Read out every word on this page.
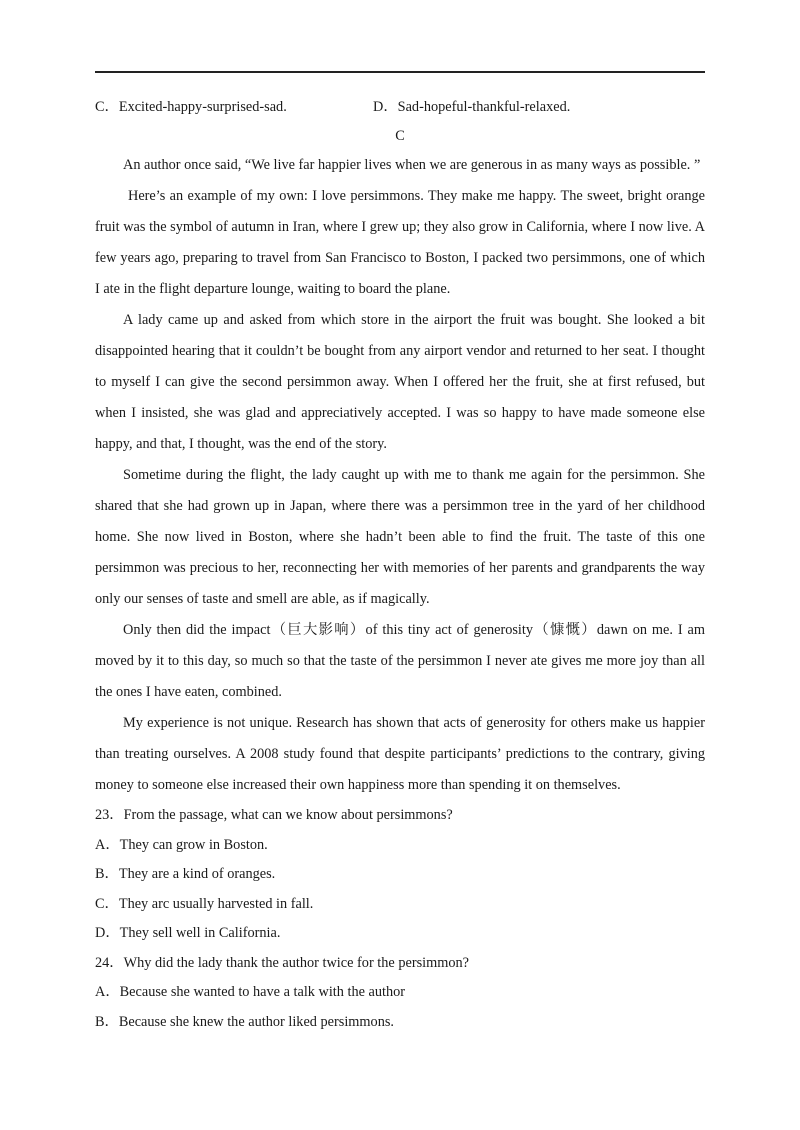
C．Excited-happy-surprised-sad.	D．Sad-hopeful-thankful-relaxed.
C

An author once said, “We live far happier lives when we are generous in as many ways as possible. ”

Here’s an example of my own: I love persimmons. They make me happy. The sweet, bright orange fruit was the symbol of autumn in Iran, where I grew up; they also grow in California, where I now live. A few years ago, preparing to travel from San Francisco to Boston, I packed two persimmons, one of which I ate in the flight departure lounge, waiting to board the plane.

A lady came up and asked from which store in the airport the fruit was bought. She looked a bit disappointed hearing that it couldn’t be bought from any airport vendor and returned to her seat. I thought to myself I can give the second persimmon away. When I offered her the fruit, she at first refused, but when I insisted, she was glad and appreciatively accepted. I was so happy to have made someone else happy, and that, I thought, was the end of the story.

Sometime during the flight, the lady caught up with me to thank me again for the persimmon. She shared that she had grown up in Japan, where there was a persimmon tree in the yard of her childhood home. She now lived in Boston, where she hadn’t been able to find the fruit. The taste of this one persimmon was precious to her, reconnecting her with memories of her parents and grandparents the way only our senses of taste and smell are able, as if magically.

Only then did the impact（巨大影响）of this tiny act of generosity（慷慨）dawn on me. I am moved by it to this day, so much so that the taste of the persimmon I never ate gives me more joy than all the ones I have eaten, combined.

My experience is not unique. Research has shown that acts of generosity for others make us happier than treating ourselves. A 2008 study found that despite participants’ predictions to the contrary, giving money to someone else increased their own happiness more than spending it on themselves.

23．From the passage, what can we know about persimmons?

A．They can grow in Boston.

B．They are a kind of oranges.

C．They arc usually harvested in fall.

D．They sell well in California.

24．Why did the lady thank the author twice for the persimmon?

A．Because she wanted to have a talk with the author

B．Because she knew the author liked persimmons.
